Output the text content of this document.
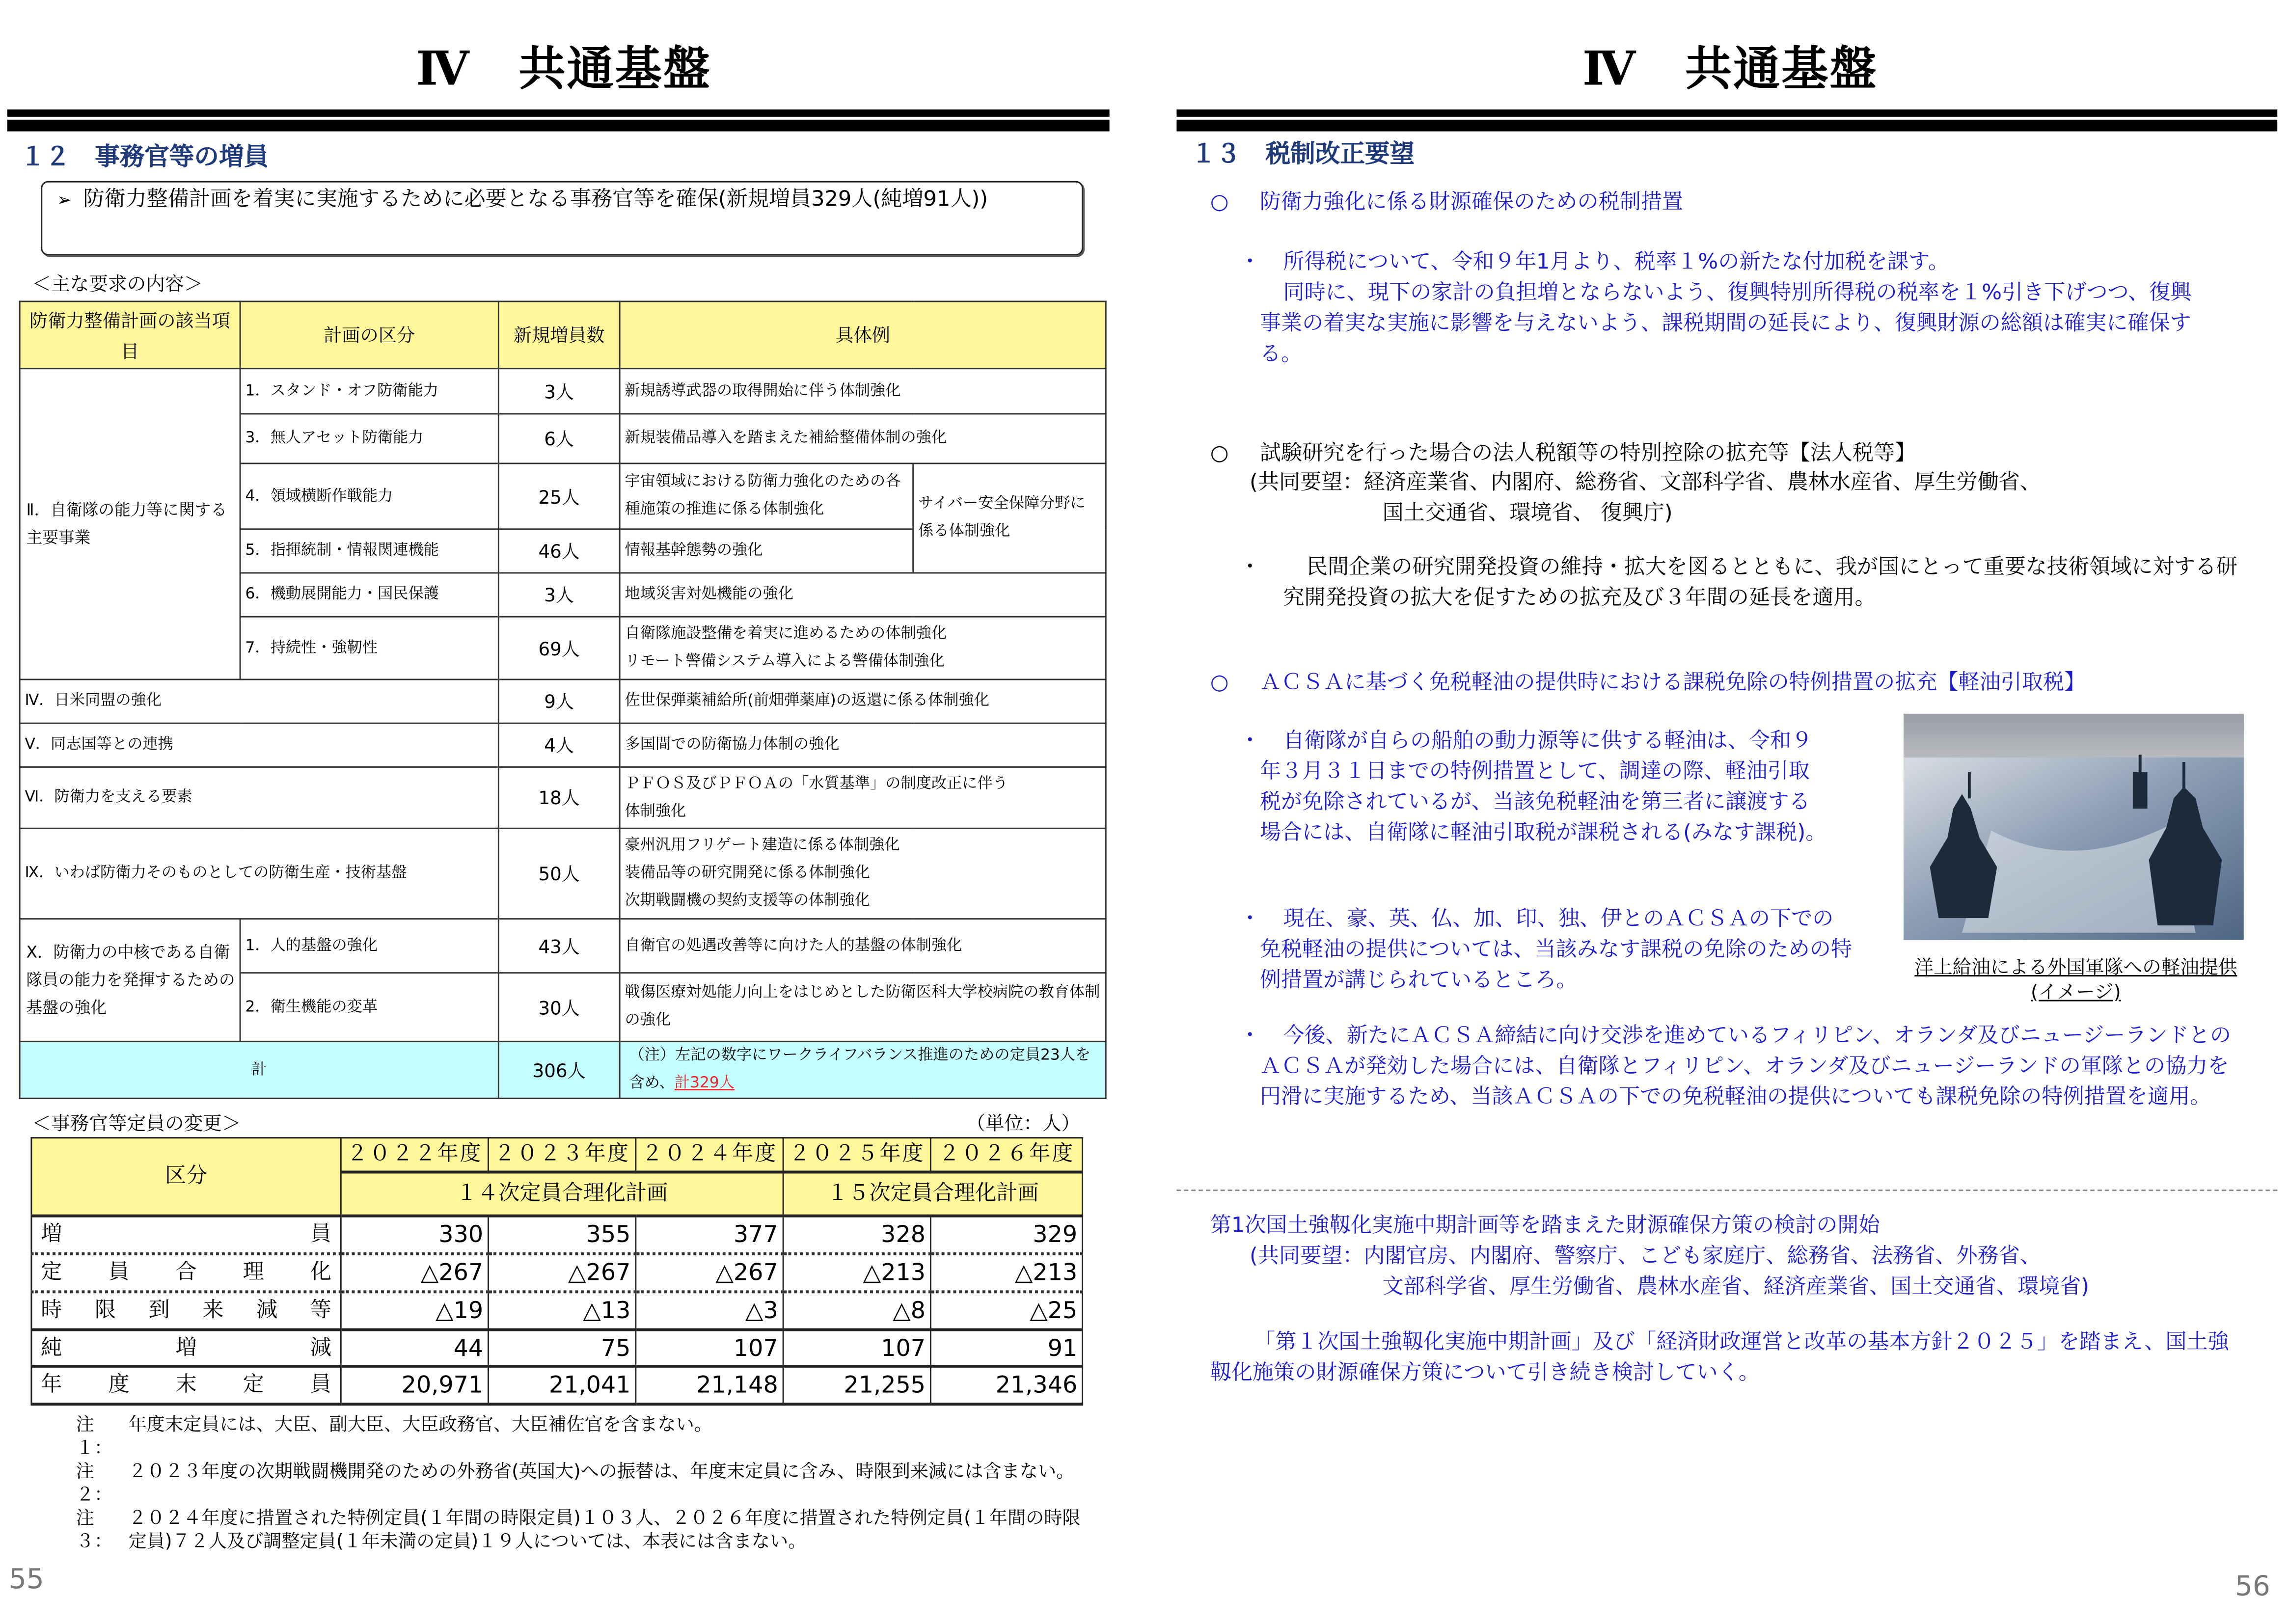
Ⅳ　共通基盤
１２　事務官等の増員
➢	防衛力整備計画を着実に実施するために必要となる事務官等を確保(新規増員329人(純増91人))
＜主な要求の内容＞
防衛力整備計画の該当項目	計画の区分	新規増員数	具体例	
Ⅱ．自衛隊の能力等に関する主要事業	1．スタンド・オフ防衛能力	3人	新規誘導武器の取得開始に伴う体制強化	
	3．無人アセット防衛能力	6人	新規装備品導入を踏まえた補給整備体制の強化	
	4．領域横断作戦能力	25人	宇宙領域における防衛力強化のための各種施策の推進に係る体制強化	サイバー安全保障分野に係る体制強化
	5．指揮統制・情報関連機能	46人	情報基幹態勢の強化	
	6．機動展開能力・国民保護	3人	地域災害対処機能の強化	
	7．持続性・強靭性	69人	自衛隊施設整備を着実に進めるための体制強化
リモート警備システム導入による警備体制強化	

Ⅳ．日米同盟の強化		9人	佐世保弾薬補給所(前畑弾薬庫)の返還に係る体制強化	
Ⅴ．同志国等との連携		4人	多国間での防衛協力体制の強化	
Ⅵ．防衛力を支える要素		18人	ＰＦＯＳ及びＰＦＯＡの「水質基準」の制度改正に伴う
体制強化	

Ⅸ．いわば防衛力そのものとしての防衛生産・技術基盤		50人	豪州汎用フリゲート建造に係る体制強化
装備品等の研究開発に係る体制強化
次期戦闘機の契約支援等の体制強化	

Ⅹ．防衛力の中核である自衛隊員の能力を発揮するための基盤の強化	1．人的基盤の強化	43人	自衛官の処遇改善等に向けた人的基盤の体制強化	
	2．衛生機能の変革	30人	戦傷医療対処能力向上をはじめとした防衛医科大学校病院の教育体制の強化	
計		306人	（注）左記の数字にワークライフバランス推進のための定員23人を含め、計329人	
＜事務官等定員の変更＞	（単位：人）
区分	２０２２年度	２０２３年度	２０２４年度	２０２５年度	２０２６年度
	１４次定員合理化計画			１５次定員合理化計画	
増員	330	355	377	328	329
定員合理化	△267	△267	△267	△213	△213
時限到来減等	△19	△13	△3	△8	△25
純増減	44	75	107	107	91
年度末定員	20,971	21,041	21,148	21,255	21,346
注１：
年度末定員には、大臣、副大臣、大臣政務官、大臣補佐官を含まない。
注２：
２０２３年度の次期戦闘機開発のための外務省(英国大)への振替は、年度末定員に含み、時限到来減には含まない。
注３：
２０２４年度に措置された特例定員(１年間の時限定員)１０３人、２０２６年度に措置された特例定員(１年間の時限定員)７２人及び調整定員(１年未満の定員)１９人については、本表には含まない。
55
Ⅳ　共通基盤
１３　税制改正要望
○	防衛力強化に係る財源確保のための税制措置
・	所得税について、令和９年1月より、税率１%の新たな付加税を課す。
同時に、現下の家計の負担増とならないよう、復興特別所得税の税率を１%引き下げつつ、復興事業の着実な実施に影響を与えないよう、課税期間の延長により、復興財源の総額は確実に確保する。
○	試験研究を行った場合の法人税額等の特別控除の拡充等【法人税等】
(共同要望：経済産業省、内閣府、総務省、文部科学省、農林水産省、厚生労働省、
国土交通省、環境省、 復興庁)
・	民間企業の研究開発投資の維持・拡大を図るとともに、我が国にとって重要な技術領域に対する研究開発投資の拡大を促すための拡充及び３年間の延長を適用。
○	ＡＣＳＡに基づく免税軽油の提供時における課税免除の特例措置の拡充【軽油引取税】
・	自衛隊が自らの船舶の動力源等に供する軽油は、令和９年３月３１日までの特例措置として、調達の際、軽油引取税が免除されているが、当該免税軽油を第三者に譲渡する場合には、自衛隊に軽油引取税が課税される(みなす課税)。
・	現在、豪、英、仏、加、印、独、伊とのＡＣＳＡの下での免税軽油の提供については、当該みなす課税の免除のための特例措置が講じられているところ。
・	今後、新たにＡＣＳＡ締結に向け交渉を進めているフィリピン、オランダ及びニュージーランドとのＡＣＳＡが発効した場合には、自衛隊とフィリピン、オランダ及びニュージーランドの軍隊との協力を円滑に実施するため、当該ＡＣＳＡの下での免税軽油の提供についても課税免除の特例措置を適用。
洋上給油による外国軍隊への軽油提供
(イメージ)
第1次国土強靱化実施中期計画等を踏まえた財源確保方策の検討の開始
(共同要望：内閣官房、内閣府、警察庁、こども家庭庁、総務省、法務省、外務省、
文部科学省、厚生労働省、農林水産省、経済産業省、国土交通省、環境省)
「第１次国土強靱化実施中期計画」及び「経済財政運営と改革の基本方針２０２５」を踏まえ、国土強靱化施策の財源確保方策について引き続き検討していく。
56
